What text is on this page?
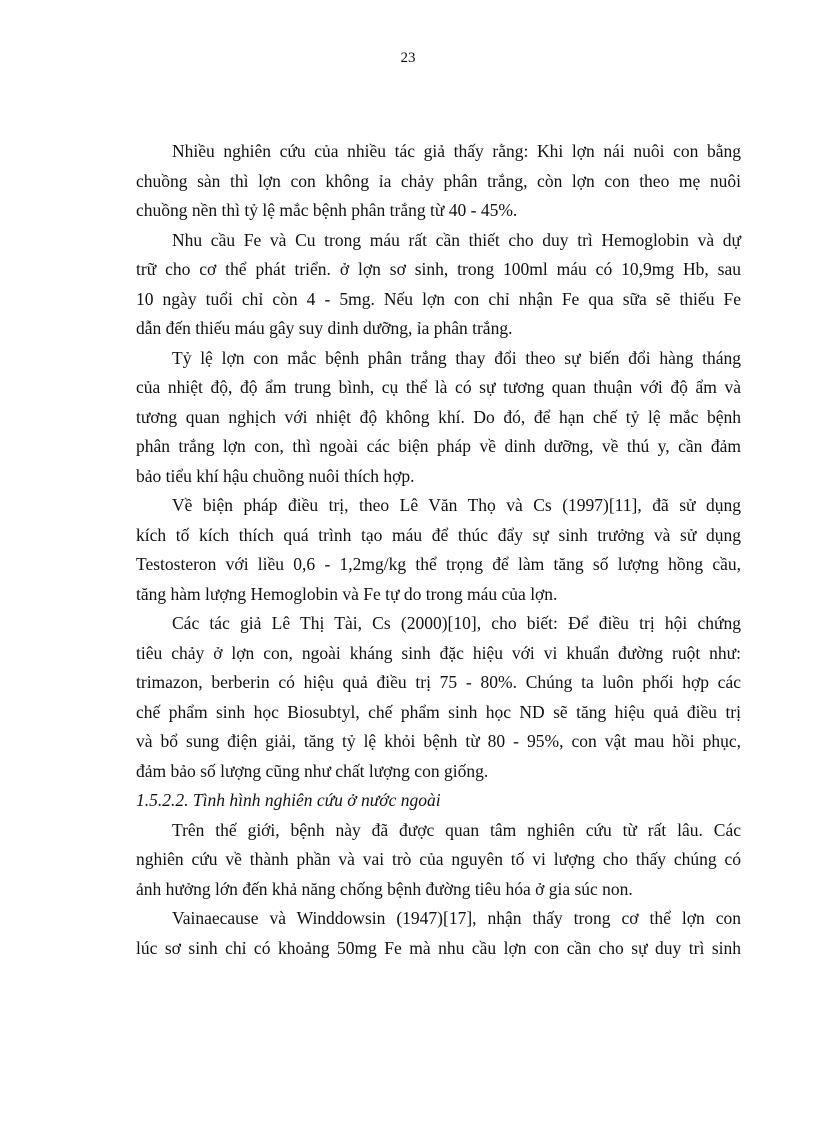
23

Nhiều nghiên cứu của nhiều tác giả thấy rằng: Khi lợn nái nuôi con bằng
chuồng sàn thì lợn con không ỉa chảy phân trắng, còn lợn con theo mẹ nuôi
chuồng nền thì tỷ lệ mắc bệnh phân trắng từ 40 - 45%.

Nhu cầu Fe và Cu trong máu rất cần thiết cho duy trì Hemoglobin và dự
trữ cho cơ thể phát triển. ở lợn sơ sinh, trong 100ml máu có 10,9mg Hb, sau
10 ngày tuổi chỉ còn 4 - 5mg. Nếu lợn con chỉ nhận Fe qua sữa sẽ thiếu Fe
dẫn đến thiếu máu gây suy dinh dưỡng, ỉa phân trắng.

Tỷ lệ lợn con mắc bệnh phân trắng thay đổi theo sự biến đổi hàng tháng
của nhiệt độ, độ ẩm trung bình, cụ thể là có sự tương quan thuận với độ ẩm và
tương quan nghịch với nhiệt độ không khí. Do đó, để hạn chế tỷ lệ mắc bệnh
phân trắng lợn con, thì ngoài các biện pháp về dinh dưỡng, về thú y, cần đảm
bảo tiểu khí hậu chuồng nuôi thích hợp.

Về biện pháp điều trị, theo Lê Văn Thọ và Cs (1997)[11], đã sử dụng
kích tố kích thích quá trình tạo máu để thúc đẩy sự sinh trưởng và sử dụng
Testosteron với liều 0,6 - 1,2mg/kg thể trọng để làm tăng số lượng hồng cầu,
tăng hàm lượng Hemoglobin và Fe tự do trong máu của lợn.

Các tác giả Lê Thị Tài, Cs (2000)[10], cho biết: Để điều trị hội chứng
tiêu chảy ở lợn con, ngoài kháng sinh đặc hiệu với vi khuẩn đường ruột như:
trimazon, berberin có hiệu quả điều trị 75 - 80%. Chúng ta luôn phối hợp các
chế phẩm sinh học Biosubtyl, chế phẩm sinh học ND sẽ tăng hiệu quả điều trị
và bổ sung điện giải, tăng tỷ lệ khỏi bệnh từ 80 - 95%, con vật mau hồi phục,
đảm bảo số lượng cũng như chất lượng con giống.

1.5.2.2. Tình hình nghiên cứu ở nước ngoài

Trên thế giới, bệnh này đã được quan tâm nghiên cứu từ rất lâu. Các
nghiên cứu về thành phần và vai trò của nguyên tố vi lượng cho thấy chúng có
ảnh hưởng lớn đến khả năng chống bệnh đường tiêu hóa ở gia súc non.

Vainaecause và Winddowsin (1947)[17], nhận thấy trong cơ thể lợn con
lúc sơ sinh chỉ có khoảng 50mg Fe mà nhu cầu lợn con cần cho sự duy trì sinh
